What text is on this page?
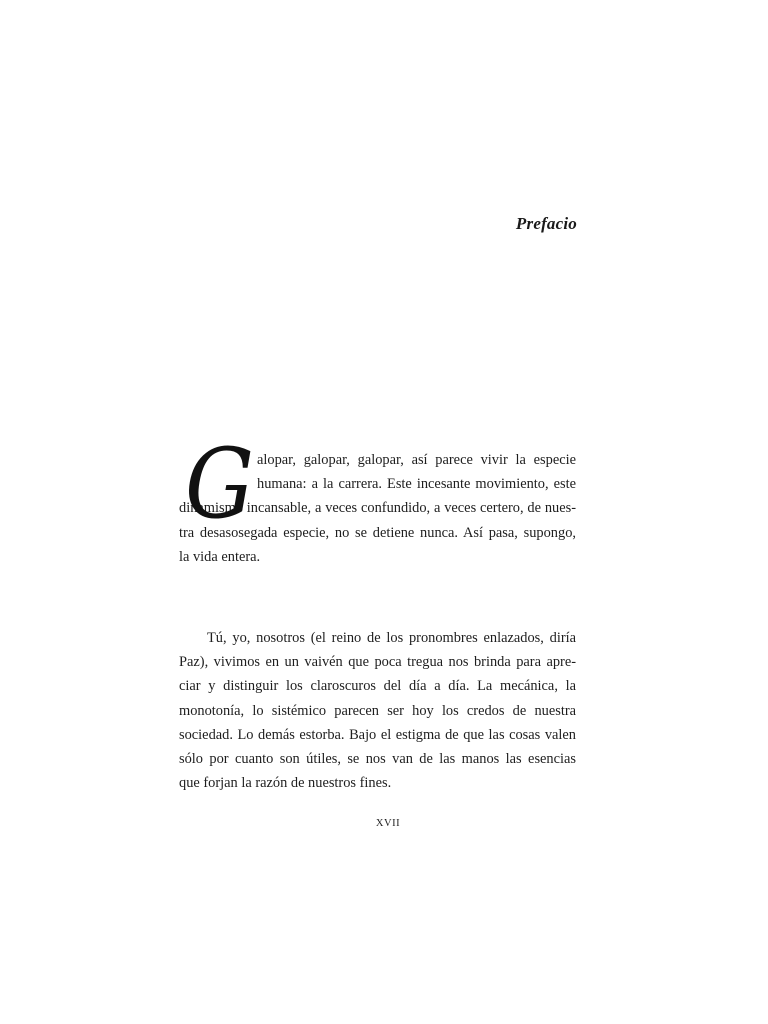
Prefacio
G alopar, galopar, galopar, así parece vivir la especie
humana: a la carrera. Este incesante movimiento, este
dinamismo incansable, a veces confundido, a veces certero, de nues-
tra desasosegada especie, no se detiene nunca. Así pasa, supongo,
la vida entera.
Tú, yo, nosotros (el reino de los pronombres enlazados, diría
Paz), vivimos en un vaivén que poca tregua nos brinda para apre-
ciar y distinguir los claroscuros del día a día. La mecánica, la
monotonía, lo sistémico parecen ser hoy los credos de nuestra
sociedad. Lo demás estorba. Bajo el estigma de que las cosas valen
sólo por cuanto son útiles, se nos van de las manos las esencias
que forjan la razón de nuestros fines.
XVII
